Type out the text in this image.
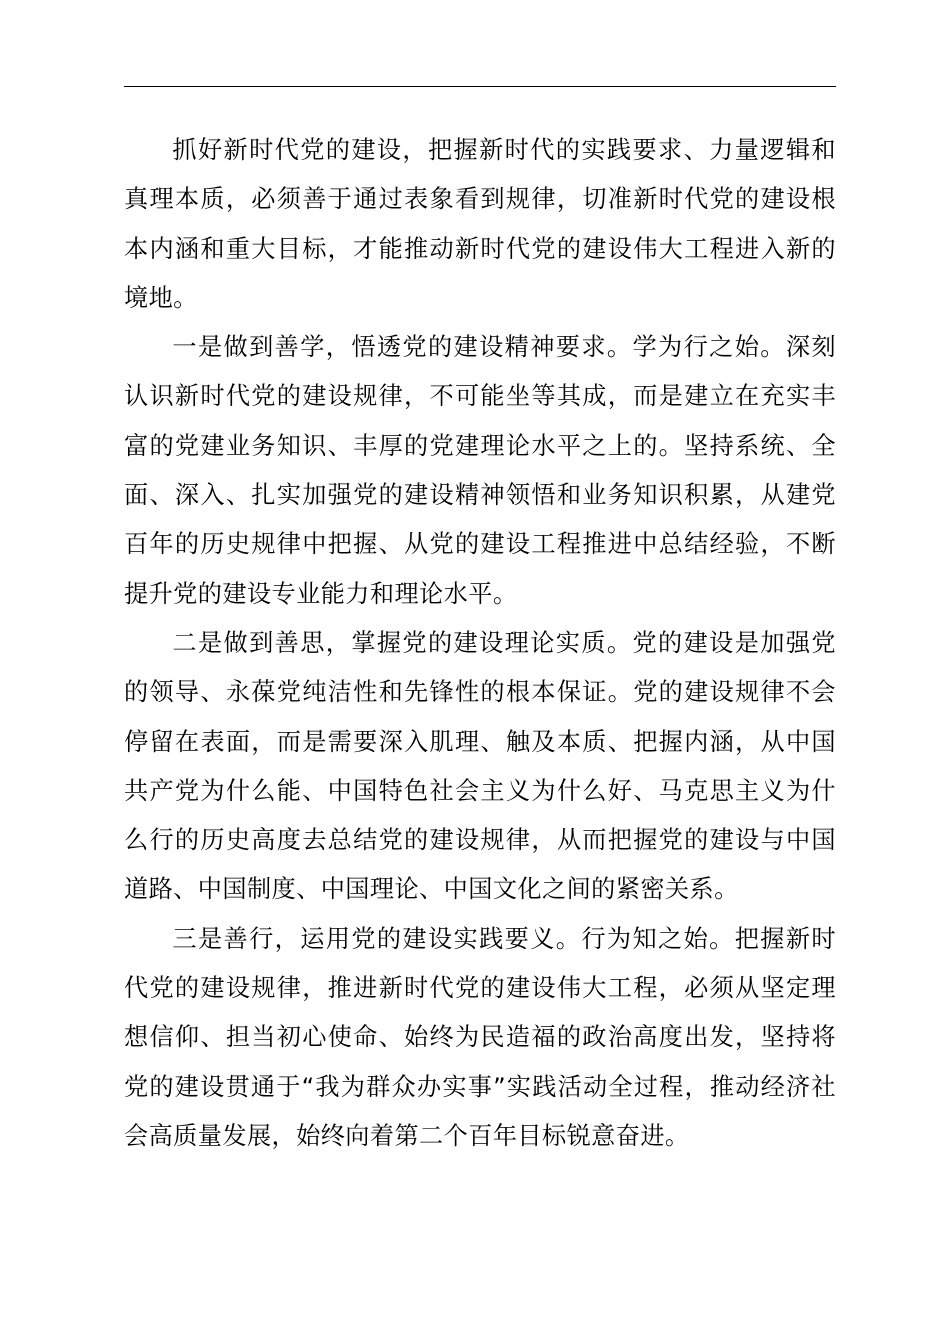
抓好新时代党的建设，把握新时代的实践要求、力量逻辑和真理本质，必须善于通过表象看到规律，切准新时代党的建设根本内涵和重大目标，才能推动新时代党的建设伟大工程进入新的境地。

一是做到善学，悟透党的建设精神要求。学为行之始。深刻认识新时代党的建设规律，不可能坐等其成，而是建立在充实丰富的党建业务知识、丰厚的党建理论水平之上的。坚持系统、全面、深入、扎实加强党的建设精神领悟和业务知识积累，从建党百年的历史规律中把握、从党的建设工程推进中总结经验，不断提升党的建设专业能力和理论水平。

二是做到善思，掌握党的建设理论实质。党的建设是加强党的领导、永葆党纯洁性和先锋性的根本保证。党的建设规律不会停留在表面，而是需要深入肌理、触及本质、把握内涵，从中国共产党为什么能、中国特色社会主义为什么好、马克思主义为什么行的历史高度去总结党的建设规律，从而把握党的建设与中国道路、中国制度、中国理论、中国文化之间的紧密关系。

三是善行，运用党的建设实践要义。行为知之始。把握新时代党的建设规律，推进新时代党的建设伟大工程，必须从坚定理想信仰、担当初心使命、始终为民造福的政治高度出发，坚持将党的建设贯通于“我为群众办实事”实践活动全过程，推动经济社会高质量发展，始终向着第二个百年目标锐意奋进。
